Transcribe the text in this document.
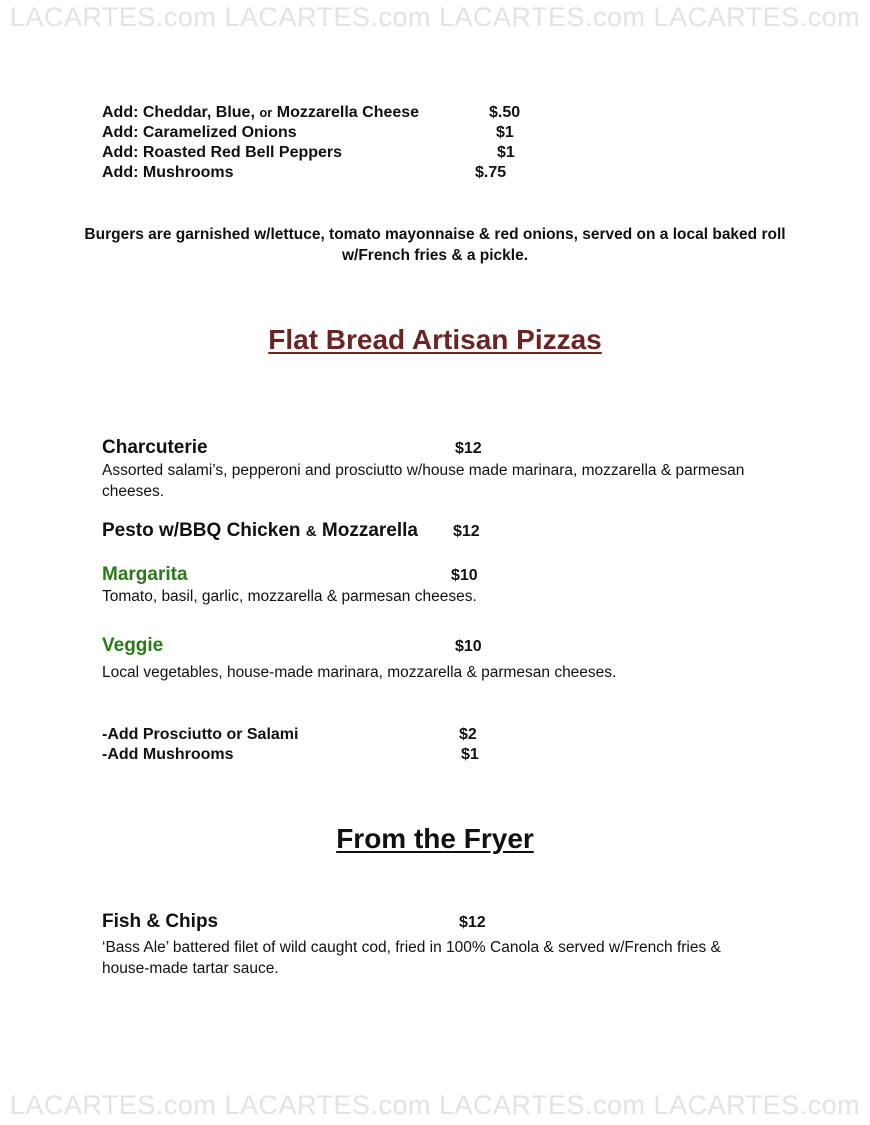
LACARTES.com LACARTES.com LACARTES.com LACARTES.com
Add: Cheddar, Blue, or Mozzarella Cheese	$.50
Add: Caramelized Onions	$1
Add: Roasted Red Bell Peppers	$1
Add: Mushrooms	$.75
Burgers are garnished w/lettuce, tomato mayonnaise & red onions, served on a local baked roll w/French fries & a pickle.
Flat Bread Artisan Pizzas
Charcuterie	$12
Assorted salami’s, pepperoni and prosciutto w/house made marinara, mozzarella & parmesan cheeses.
Pesto w/BBQ Chicken & Mozzarella $12
Margarita	$10
Tomato, basil, garlic, mozzarella & parmesan cheeses.
Veggie	$10
Local vegetables, house-made marinara, mozzarella & parmesan cheeses.
-Add Prosciutto or Salami	$2
-Add Mushrooms	$1
From the Fryer
Fish & Chips	$12
‘Bass Ale’ battered filet of wild caught cod, fried in 100% Canola & served w/French fries & house-made tartar sauce.
LACARTES.com LACARTES.com LACARTES.com LACARTES.com
